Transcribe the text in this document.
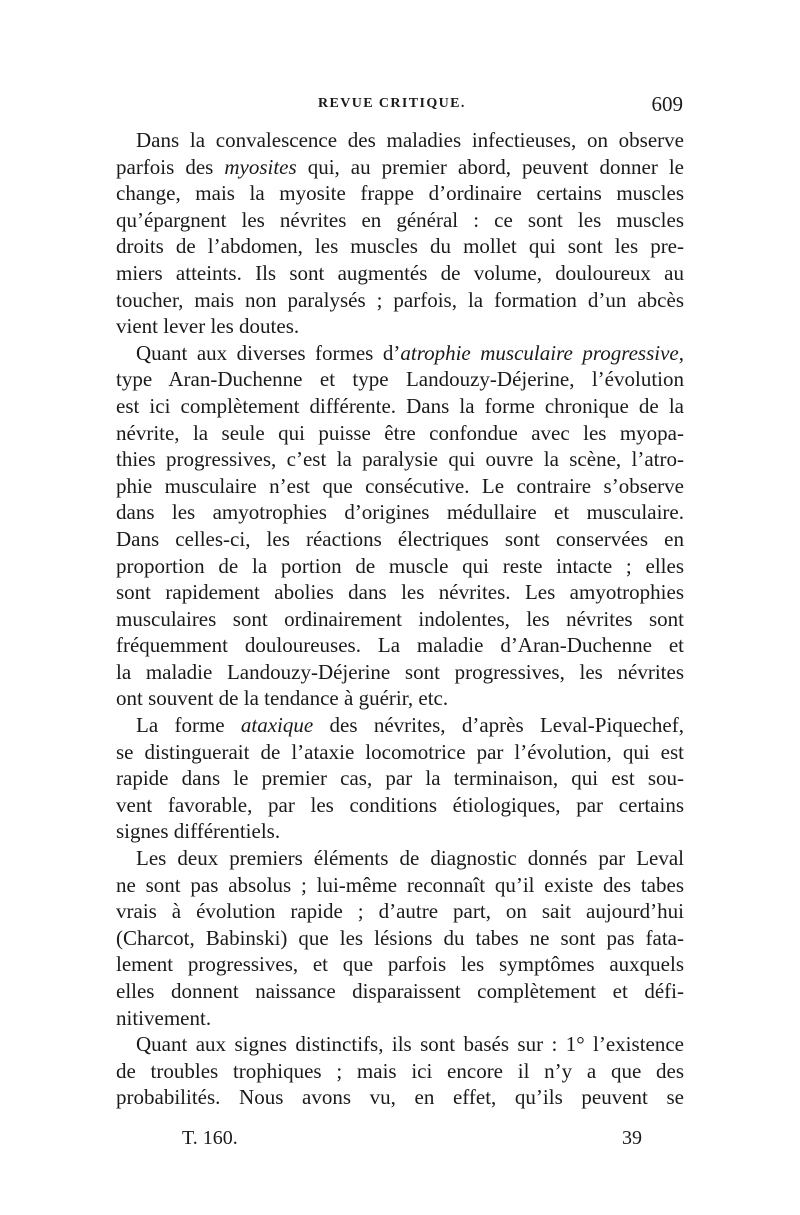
REVUE CRITIQUE.	609
Dans la convalescence des maladies infectieuses, on observe
parfois des myosites qui, au premier abord, peuvent donner le
change, mais la myosite frappe d’ordinaire certains muscles
qu’épargnent les névrites en général : ce sont les muscles
droits de l’abdomen, les muscles du mollet qui sont les pre-
miers atteints. Ils sont augmentés de volume, douloureux au
toucher, mais non paralysés ; parfois, la formation d’un abcès
vient lever les doutes.
Quant aux diverses formes d’atrophie musculaire progressive,
type Aran-Duchenne et type Landouzy-Déjerine, l’évolution
est ici complètement différente. Dans la forme chronique de la
névrite, la seule qui puisse être confondue avec les myopa-
thies progressives, c’est la paralysie qui ouvre la scène, l’atro-
phie musculaire n’est que consécutive. Le contraire s’observe
dans les amyotrophies d’origines médullaire et musculaire.
Dans celles-ci, les réactions électriques sont conservées en
proportion de la portion de muscle qui reste intacte ; elles
sont rapidement abolies dans les névrites. Les amyotrophies
musculaires sont ordinairement indolentes, les névrites sont
fréquemment douloureuses. La maladie d’Aran-Duchenne et
la maladie Landouzy-Déjerine sont progressives, les névrites
ont souvent de la tendance à guérir, etc.
La forme ataxique des névrites, d’après Leval-Piquechef,
se distinguerait de l’ataxie locomotrice par l’évolution, qui est
rapide dans le premier cas, par la terminaison, qui est sou-
vent favorable, par les conditions étiologiques, par certains
signes différentiels.
Les deux premiers éléments de diagnostic donnés par Leval
ne sont pas absolus ; lui-même reconnaît qu’il existe des tabes
vrais à évolution rapide ; d’autre part, on sait aujourd’hui
(Charcot, Babinski) que les lésions du tabes ne sont pas fata-
lement progressives, et que parfois les symptômes auxquels
elles donnent naissance disparaissent complètement et défi-
nitivement.
Quant aux signes distinctifs, ils sont basés sur : 1° l’existence
de troubles trophiques ; mais ici encore il n’y a que des
probabilités. Nous avons vu, en effet, qu’ils peuvent se
T. 160.	39
